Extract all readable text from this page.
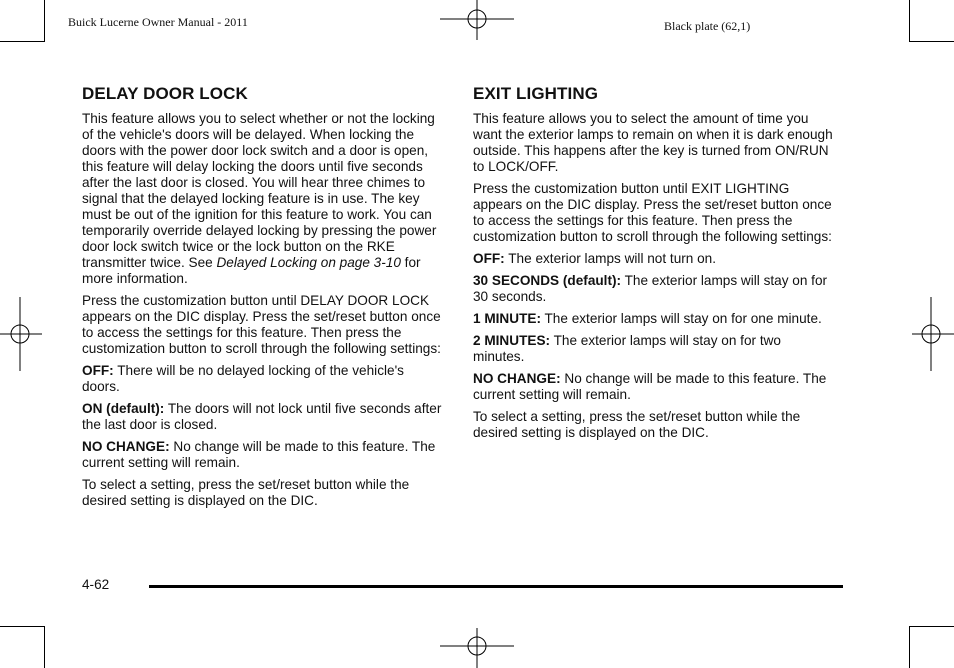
Buick Lucerne Owner Manual - 2011	Black plate (62,1)
DELAY DOOR LOCK

This feature allows you to select whether or not the locking of the vehicle's doors will be delayed. When locking the doors with the power door lock switch and a door is open, this feature will delay locking the doors until five seconds after the last door is closed. You will hear three chimes to signal that the delayed locking feature is in use. The key must be out of the ignition for this feature to work. You can temporarily override delayed locking by pressing the power door lock switch twice or the lock button on the RKE transmitter twice. See Delayed Locking on page 3-10 for more information.

Press the customization button until DELAY DOOR LOCK appears on the DIC display. Press the set/reset button once to access the settings for this feature. Then press the customization button to scroll through the following settings:

OFF: There will be no delayed locking of the vehicle's doors.

ON (default): The doors will not lock until five seconds after the last door is closed.

NO CHANGE: No change will be made to this feature. The current setting will remain.

To select a setting, press the set/reset button while the desired setting is displayed on the DIC.

EXIT LIGHTING

This feature allows you to select the amount of time you want the exterior lamps to remain on when it is dark enough outside. This happens after the key is turned from ON/RUN to LOCK/OFF.

Press the customization button until EXIT LIGHTING appears on the DIC display. Press the set/reset button once to access the settings for this feature. Then press the customization button to scroll through the following settings:

OFF: The exterior lamps will not turn on.

30 SECONDS (default): The exterior lamps will stay on for 30 seconds.

1 MINUTE: The exterior lamps will stay on for one minute.

2 MINUTES: The exterior lamps will stay on for two minutes.

NO CHANGE: No change will be made to this feature. The current setting will remain.

To select a setting, press the set/reset button while the desired setting is displayed on the DIC.

4-62
